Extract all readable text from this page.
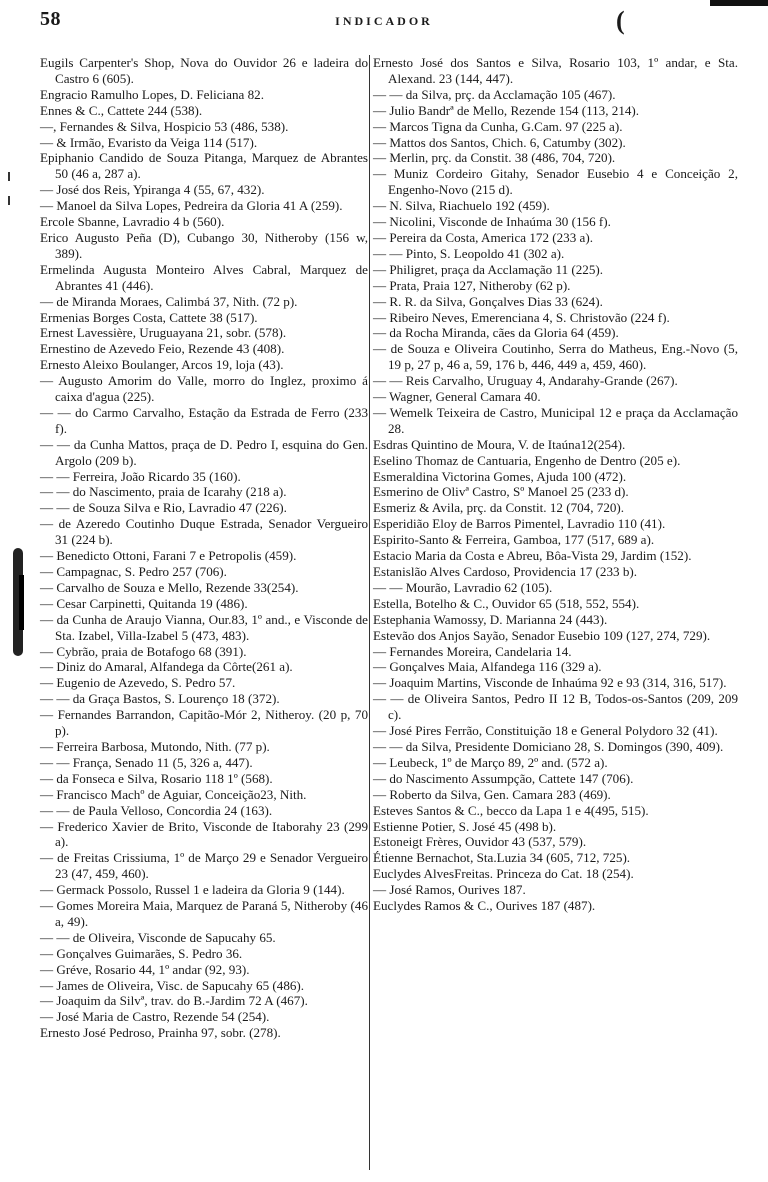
58	INDICADOR	(

Eugils Carpenter's Shop, Nova do Ouvidor 26 e ladeira do Castro 6 (605).

Engracio Ramulho Lopes, D. Feliciana 82.

Ennes & C., Cattete 244 (538).

—, Fernandes & Silva, Hospicio 53 (486, 538).

— & Irmão, Evaristo da Veiga 114 (517).

Epiphanio Candido de Souza Pitanga, Marquez de Abrantes 50 (46 a, 287 a).

— José dos Reis, Ypiranga 4 (55, 67, 432).

— Manoel da Silva Lopes, Pedreira da Gloria 41 A (259).

Ercole Sbanne, Lavradio 4 b (560).

Erico Augusto Peña (D), Cubango 30, Nitheroby (156 w, 389).

Ermelinda Augusta Monteiro Alves Cabral, Marquez de Abrantes 41 (446).

— de Miranda Moraes, Calimbá 37, Nith. (72 p).

Ermenias Borges Costa, Cattete 38 (517).

Ernest Lavessière, Uruguayana 21, sobr. (578).

Ernestino de Azevedo Feio, Rezende 43 (408).

Ernesto Aleixo Boulanger, Arcos 19, loja (43).

— Augusto Amorim do Valle, morro do Inglez, proximo á caixa d'agua (225).

— — do Carmo Carvalho, Estação da Estrada de Ferro (233 f).

— — da Cunha Mattos, praça de D. Pedro I, esquina do Gen. Argolo (209 b).

— — Ferreira, João Ricardo 35 (160).

— — do Nascimento, praia de Icarahy (218 a).

— — de Souza Silva e Rio, Lavradio 47 (226).

— de Azeredo Coutinho Duque Estrada, Senador Vergueiro 31 (224 b).

— Benedicto Ottoni, Farani 7 e Petropolis (459).

— Campagnac, S. Pedro 257 (706).

— Carvalho de Souza e Mello, Rezende 33(254).

— Cesar Carpinetti, Quitanda 19 (486).

— da Cunha de Araujo Vianna, Our.83, 1º and., e Visconde de Sta. Izabel, Villa-Izabel 5 (473, 483).

— Cybrão, praia de Botafogo 68 (391).

— Diniz do Amaral, Alfandega da Côrte(261 a).

— Eugenio de Azevedo, S. Pedro 57.

— — da Graça Bastos, S. Lourenço 18 (372).

— Fernandes Barrandon, Capitão-Mór 2, Nitheroy. (20 p, 70 p).

— Ferreira Barbosa, Mutondo, Nith. (77 p).

— — França, Senado 11 (5, 326 a, 447).

— da Fonseca e Silva, Rosario 118 1º (568).

— Francisco Machº de Aguiar, Conceição23, Nith.

— — de Paula Velloso, Concordia 24 (163).

— Frederico Xavier de Brito, Visconde de Itaborahy 23 (299 a).

— de Freitas Crissiuma, 1º de Março 29 e Senador Vergueiro 23 (47, 459, 460).

— Germack Possolo, Russel 1 e ladeira da Gloria 9 (144).

— Gomes Moreira Maia, Marquez de Paraná 5, Nitheroby (46 a, 49).

— — de Oliveira, Visconde de Sapucahy 65.

— Gonçalves Guimarães, S. Pedro 36.

— Gréve, Rosario 44, 1º andar (92, 93).

— James de Oliveira, Visc. de Sapucahy 65 (486).

— Joaquim da Silvª, trav. do B.-Jardim 72 A (467).

— José Maria de Castro, Rezende 54 (254).

Ernesto José Pedroso, Prainha 97, sobr. (278).

Ernesto José dos Santos e Silva, Rosario 103, 1º andar, e Sta. Alexand. 23 (144, 447).

— — da Silva, prç. da Acclamação 105 (467).

— Julio Bandrª de Mello, Rezende 154 (113, 214).

— Marcos Tigna da Cunha, G.Cam. 97 (225 a).

— Mattos dos Santos, Chich. 6, Catumby (302).

— Merlin, prç. da Constit. 38 (486, 704, 720).

— Muniz Cordeiro Gitahy, Senador Eusebio 4 e Conceição 2, Engenho-Novo (215 d).

— N. Silva, Riachuelo 192 (459).

— Nicolini, Visconde de Inhaúma 30 (156 f).

— Pereira da Costa, America 172 (233 a).

— — Pinto, S. Leopoldo 41 (302 a).

— Philigret, praça da Acclamação 11 (225).

— Prata, Praia 127, Nitheroby (62 p).

— R. R. da Silva, Gonçalves Dias 33 (624).

— Ribeiro Neves, Emerenciana 4, S. Christovão (224 f).

— da Rocha Miranda, cães da Gloria 64 (459).

— de Souza e Oliveira Coutinho, Serra do Matheus, Eng.-Novo (5, 19 p, 27 p, 46 a, 59, 176 b, 446, 449 a, 459, 460).

— — Reis Carvalho, Uruguay 4, Andarahy-Grande (267).

— Wagner, General Camara 40.

— Wemelk Teixeira de Castro, Municipal 12 e praça da Acclamação 28.

Esdras Quintino de Moura, V. de Itaúna12(254).

Eselino Thomaz de Cantuaria, Engenho de Dentro (205 e).

Esmeraldina Victorina Gomes, Ajuda 100 (472).

Esmerino de Olivª Castro, Sº Manoel 25 (233 d).

Esmeriz & Avila, prç. da Constit. 12 (704, 720).

Esperidião Eloy de Barros Pimentel, Lavradio 110 (41).

Espirito-Santo & Ferreira, Gamboa, 177 (517, 689 a).

Estacio Maria da Costa e Abreu, Bôa-Vista 29, Jardim (152).

Estanislão Alves Cardoso, Providencia 17 (233 b).

— — Mourão, Lavradio 62 (105).

Estella, Botelho & C., Ouvidor 65 (518, 552, 554).

Estephania Wamossy, D. Marianna 24 (443).

Estevão dos Anjos Sayão, Senador Eusebio 109 (127, 274, 729).

— Fernandes Moreira, Candelaria 14.

— Gonçalves Maia, Alfandega 116 (329 a).

— Joaquim Martins, Visconde de Inhaúma 92 e 93 (314, 316, 517).

— — de Oliveira Santos, Pedro II 12 B, Todos-os-Santos (209, 209 c).

— José Pires Ferrão, Constituição 18 e General Polydoro 32 (41).

— — da Silva, Presidente Domiciano 28, S. Domingos (390, 409).

— Leubeck, 1º de Março 89, 2º and. (572 a).

— do Nascimento Assumpção, Cattete 147 (706).

— Roberto da Silva, Gen. Camara 283 (469).

Esteves Santos & C., becco da Lapa 1 e 4(495, 515).

Estienne Potier, S. José 45 (498 b).

Estoneigt Frères, Ouvidor 43 (537, 579).

Étienne Bernachot, Sta.Luzia 34 (605, 712, 725).

Euclydes AlvesFreitas. Princeza do Cat. 18 (254).

— José Ramos, Ourives 187.

Euclydes Ramos & C., Ourives 187 (487).
